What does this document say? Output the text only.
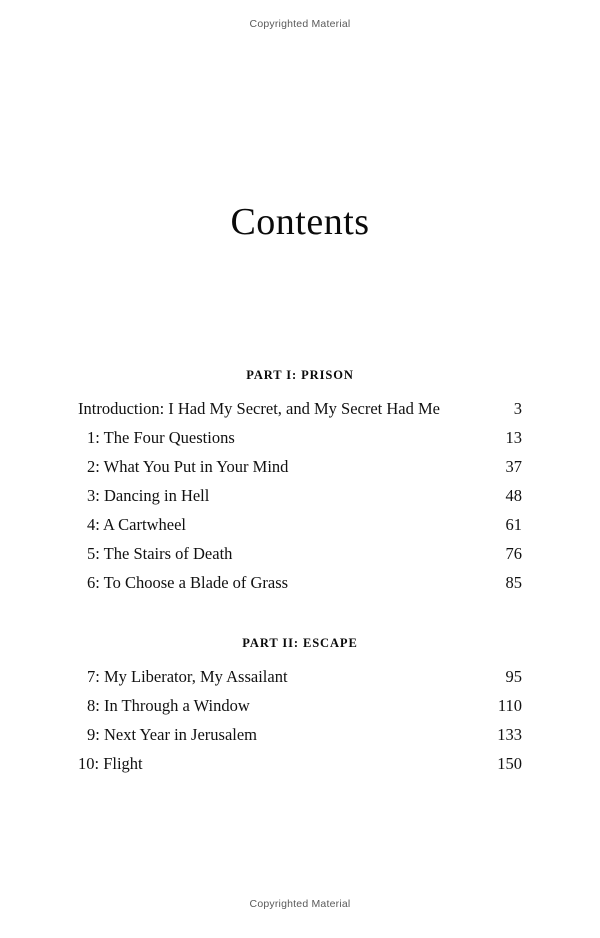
Copyrighted Material
Contents
PART I: PRISON
Introduction: I Had My Secret, and My Secret Had Me	3
1: The Four Questions	13
2: What You Put in Your Mind	37
3: Dancing in Hell	48
4: A Cartwheel	61
5: The Stairs of Death	76
6: To Choose a Blade of Grass	85
PART II: ESCAPE
7: My Liberator, My Assailant	95
8: In Through a Window	110
9: Next Year in Jerusalem	133
10: Flight	150
Copyrighted Material
